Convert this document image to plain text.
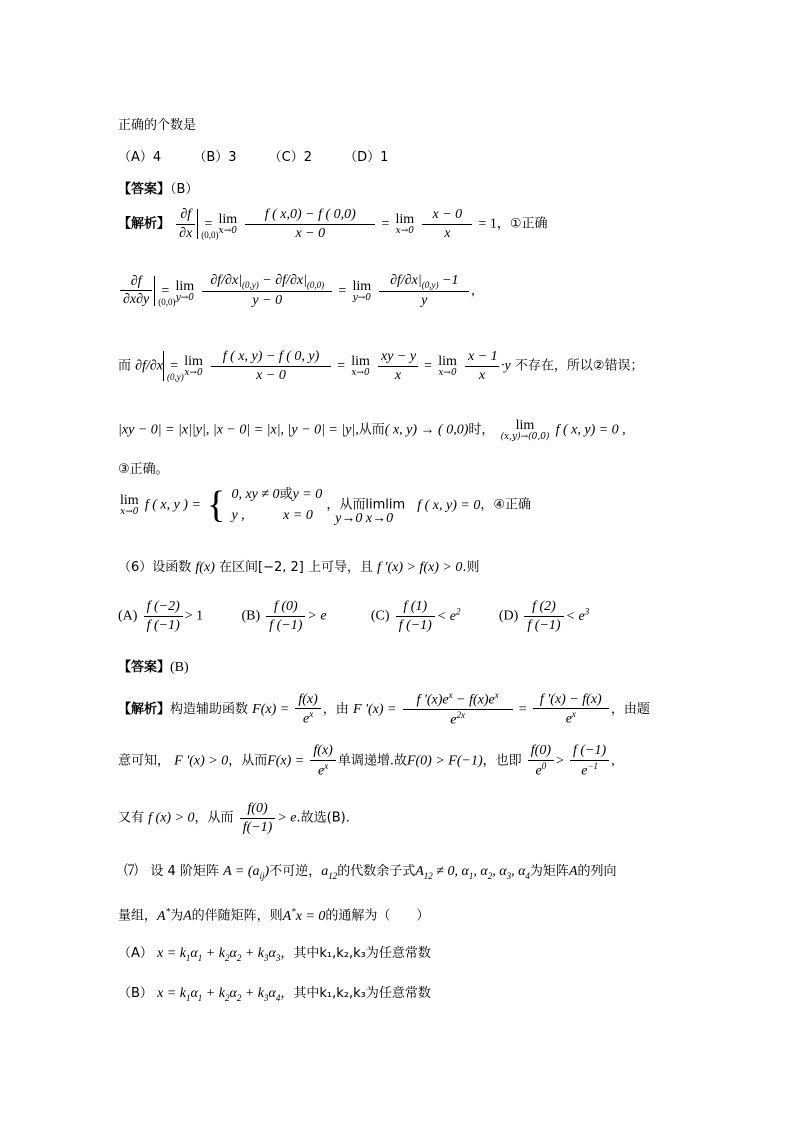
正确的个数是
（A）4 （B）3 （C）2 （D）1
【答案】（B）
【解析】 $\frac{\partial f}{\partial x} (0,0)$
= lim
x→0
$\frac{f ( x,0) - f ( 0,0)}{x - 0} = \lim$
x→0
$\frac{x - 0}{x} = 1$，①正确
$\frac{\partial f}{\partial x\partial y} (0,0)$
= lim
y→0
$\frac{\partial f/\partial x|_{(0,y)} - \partial f/\partial x|_{(0,0)}}{y - 0} = \lim$
y→0
$\frac{\partial f/\partial x|_{(0,y)} -1}{y}$ ,
而 ∂f/∂x
(0,y)
= lim
x→0
$\frac{f ( x, y) - f ( 0, y)}{x - 0} = \lim$
x→0
$\frac{xy - y}{x} = \lim$
x→0
$\frac{x - 1}{x} \cdot y$ 不存在，所以②错误；
|xy − 0| = |x||y|, |x − 0| = |x|, |y − 0| = |y|,从而( x, y) → ( 0,0)时，	lim
(x,y)→(0,0) f ( x, y) = 0 ,
③正确。
lim
x→0 f ( x, y ) = { 0, xy ≠ 0或y = 0
y ,           x = 0
，从而limlim$_{y\to 0 x\to 0}$ f ( x, y) = 0，④正确
（6）设函数 f(x) 在区间[−2, 2] 上可导，且 f '(x) > f(x) > 0.则
$(A) \frac{f (-2)}{f (-1)} > 1$	$(B) \frac{f (0)}{f (-1)} > e$	$(C) \frac{f (1)}{f (-1)} < e^2$	$(D) \frac{f (2)}{f (-1)} < e^3$
【答案】(B)
【解析】构造辅助函数 $F(x) = \frac{f(x)}{e^x}$ ，由 F '$(x) = \frac{f '(x)e^x - f(x)e^x}{e^{2x}} = \frac{f '(x) - f(x)}{e^x}$ ，由题
意可知， F '(x) > 0，从而$F(x) = \frac{f(x)}{e^x}$ 单调递增.故F(0) > F(−1)，也即 $\frac{f(0)}{e^0} > \frac{f (-1)}{e^{-1}}$ ,
又有 f (x) > 0，从而 $\frac{f(0)}{f(-1)} > e$.故选(B).
⑺ 设 4 阶矩阵 $A = (a_{ij})$不可逆，$a_{12}$的代数余子式$A_{12} \ne 0$, $\alpha_1$, $\alpha_2$, $\alpha_3$, $\alpha_4$为矩阵A的列向
量组，A*为A的伴随矩阵，则A*x = 0的通解为（　　）
（A） $x = k_1\alpha_1 + k_2\alpha_2 + k_3\alpha_3$，其中k₁,k₂,k₃为任意常数
（B） $x = k_1\alpha_1 + k_2\alpha_2 + k_3\alpha_4$，其中k₁,k₂,k₃为任意常数
